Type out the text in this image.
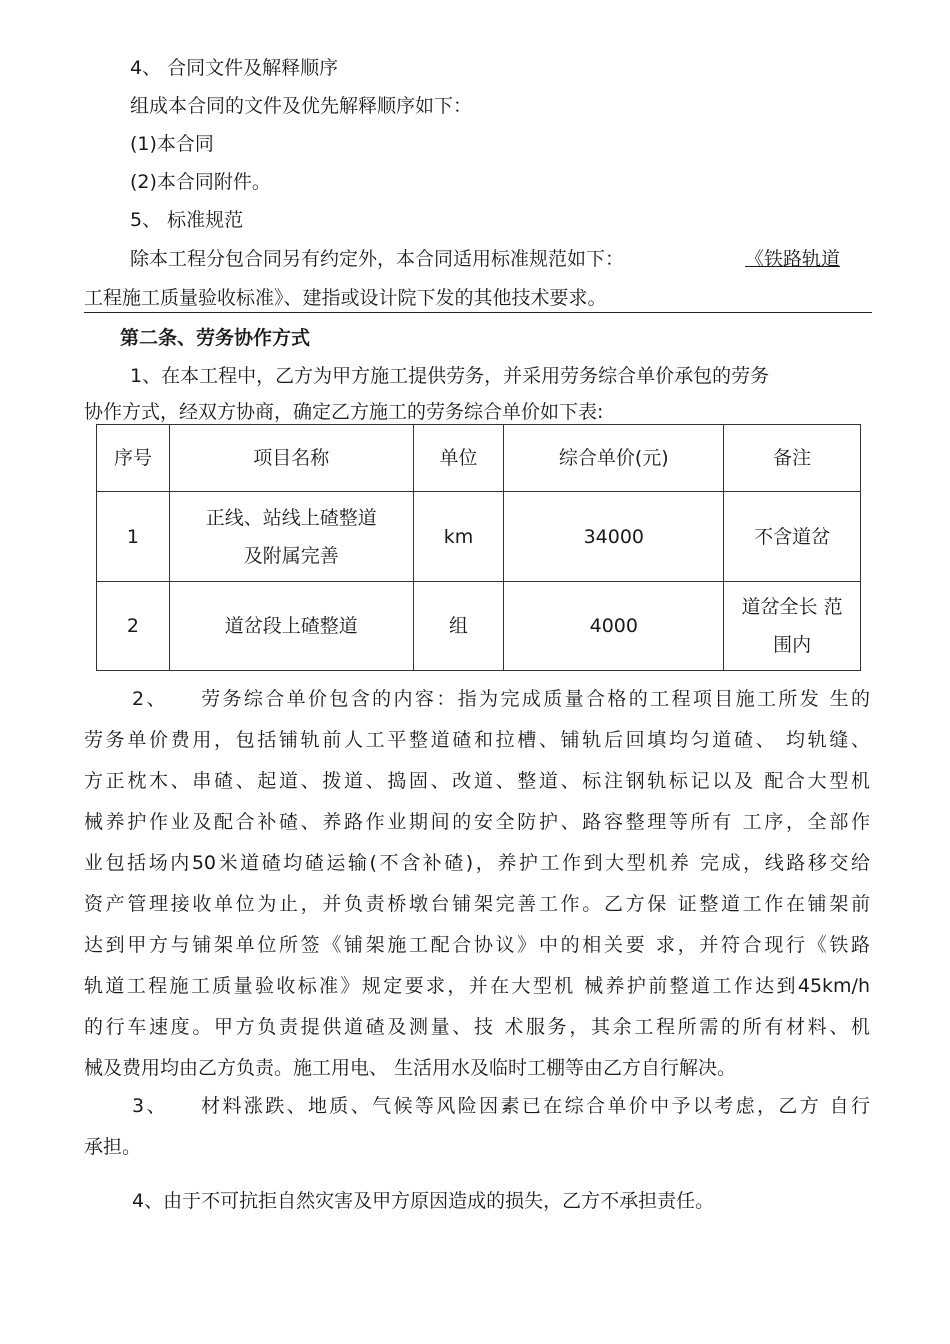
4、 合同文件及解释顺序
组成本合同的文件及优先解释顺序如下：
(1)本合同
(2)本合同附件。
5、 标准规范
除本工程分包合同另有约定外，本合同适用标准规范如下：	《铁路轨道
工程施工质量验收标准》、建指或设计院下发的其他技术要求。
第二条、劳务协作方式
1、在本工程中，乙方为甲方施工提供劳务，并采用劳务综合单价承包的劳务
协作方式，经双方协商，确定乙方施工的劳务综合单价如下表:
序号	项目名称	单位	综合单价(元)	备注
1	正线、站线上碴整道
及附属完善	km	34000	不含道岔
2	道岔段上碴整道	组	4000	道岔全长 范
围内
2、　　劳务综合单价包含的内容：指为完成质量合格的工程项目施工所发 生的
劳务单价费用，包括铺轨前人工平整道碴和拉槽、铺轨后回填均匀道碴、 均轨缝、
方正枕木、串碴、起道、拨道、捣固、改道、整道、标注钢轨标记以及 配合大型机
械养护作业及配合补碴、养路作业期间的安全防护、路容整理等所有 工序，全部作
业包括场内50米道碴均碴运输(不含补碴)，养护工作到大型机养 完成，线路移交给
资产管理接收单位为止，并负责桥墩台铺架完善工作。乙方保 证整道工作在铺架前
达到甲方与铺架单位所签《铺架施工配合协议》中的相关要 求，并符合现行《铁路
轨道工程施工质量验收标准》规定要求，并在大型机 械养护前整道工作达到45km/h
的行车速度。甲方负责提供道碴及测量、技 术服务，其余工程所需的所有材料、机
械及费用均由乙方负责。施工用电、 生活用水及临时工棚等由乙方自行解决。
3、　　材料涨跌、地质、气候等风险因素已在综合单价中予以考虑，乙方 自行
承担。
4、由于不可抗拒自然灾害及甲方原因造成的损失，乙方不承担责任。
